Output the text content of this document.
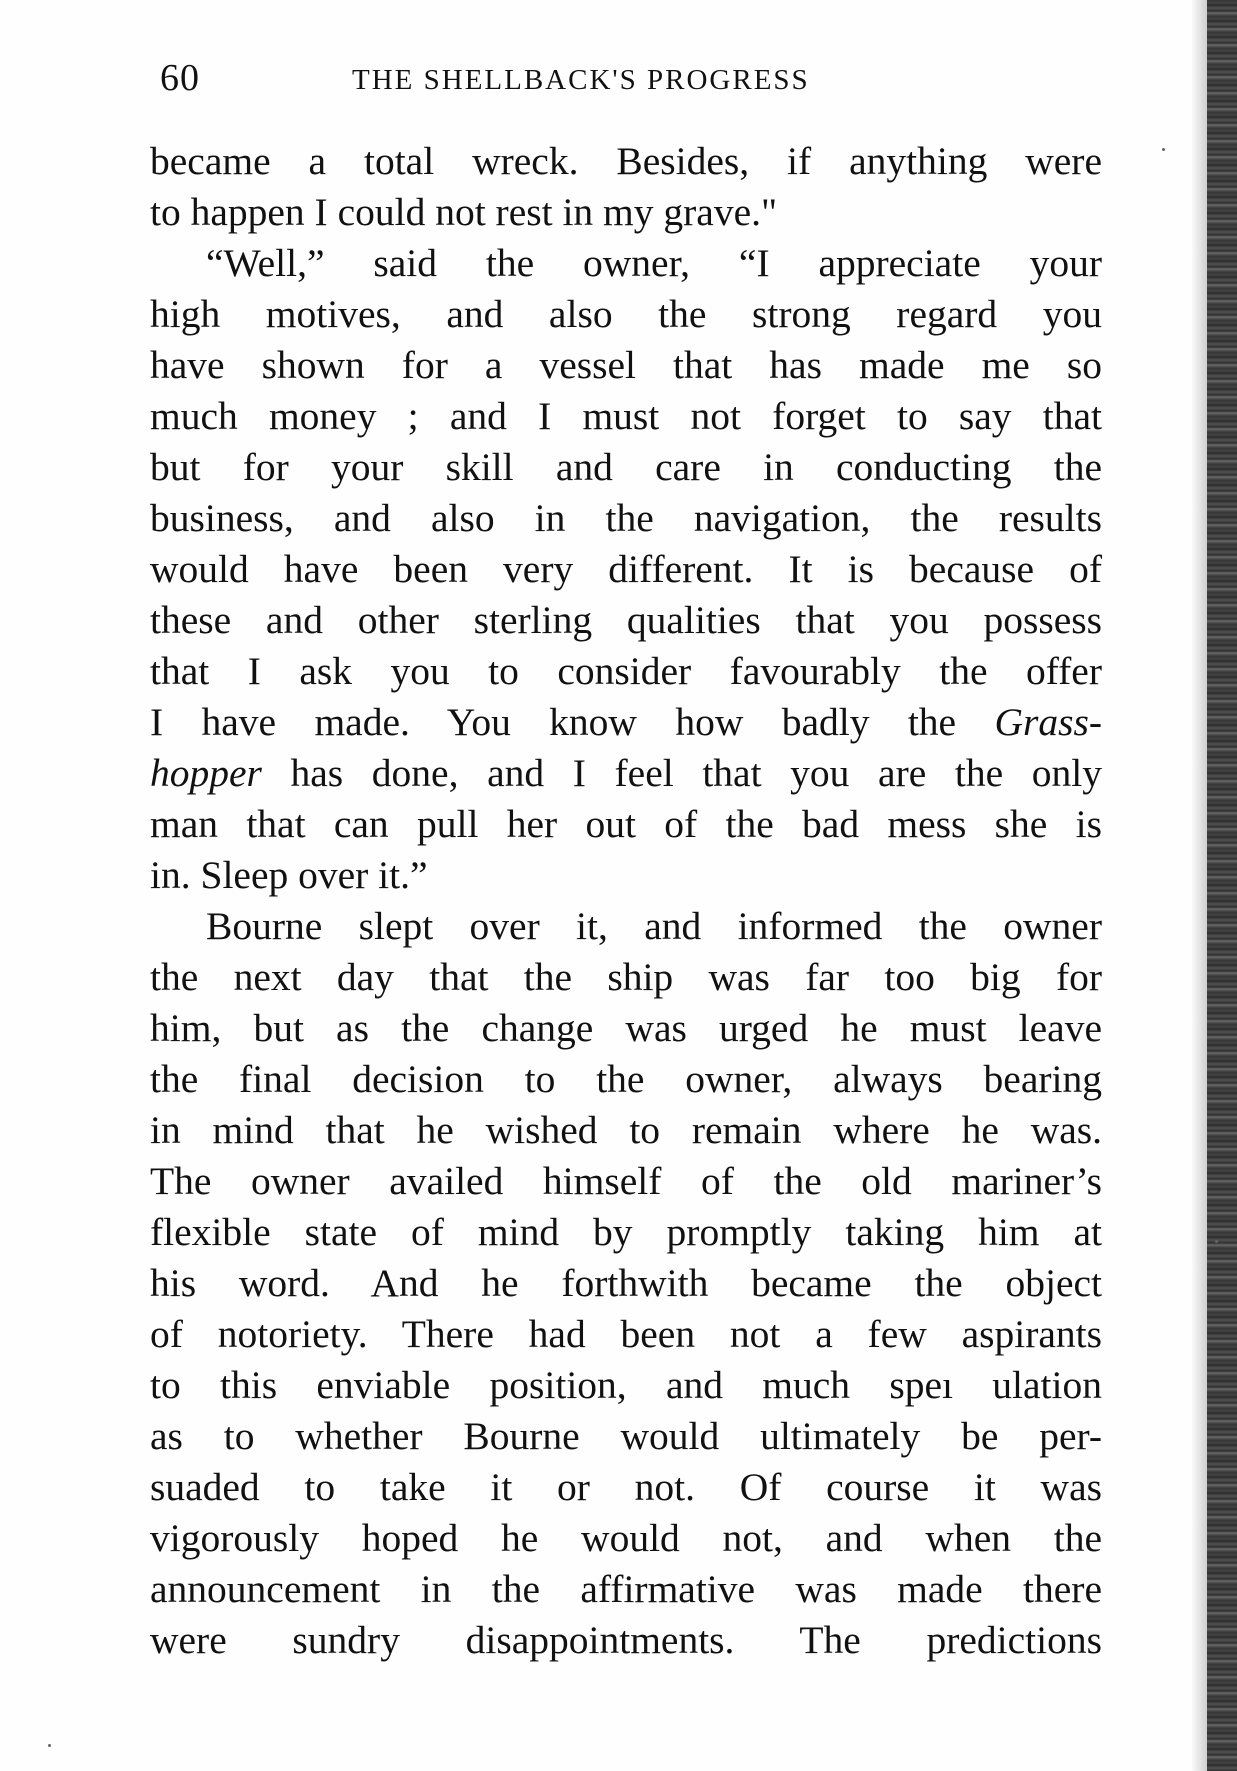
60	THE SHELLBACK'S PROGRESS
became a total wreck. Besides, if anything were
to happen I could not rest in my grave."
“Well,” said the owner, “I appreciate your
high motives, and also the strong regard you
have shown for a vessel that has made me so
much money ; and I must not forget to say that
but for your skill and care in conducting the
business, and also in the navigation, the results
would have been very different. It is because of
these and other sterling qualities that you possess
that I ask you to consider favourably the offer
I have made. You know how badly the Grass-
hopper has done, and I feel that you are the only
man that can pull her out of the bad mess she is
in. Sleep over it.”
Bourne slept over it, and informed the owner
the next day that the ship was far too big for
him, but as the change was urged he must leave
the final decision to the owner, always bearing
in mind that he wished to remain where he was.
The owner availed himself of the old mariner’s
flexible state of mind by promptly taking him at
his word. And he forthwith became the object
of notoriety. There had been not a few aspirants
to this enviable position, and much speı ulation
as to whether Bourne would ultimately be per-
suaded to take it or not. Of course it was
vigorously hoped he would not, and when the
announcement in the affirmative was made there
were sundry disappointments. The predictions
